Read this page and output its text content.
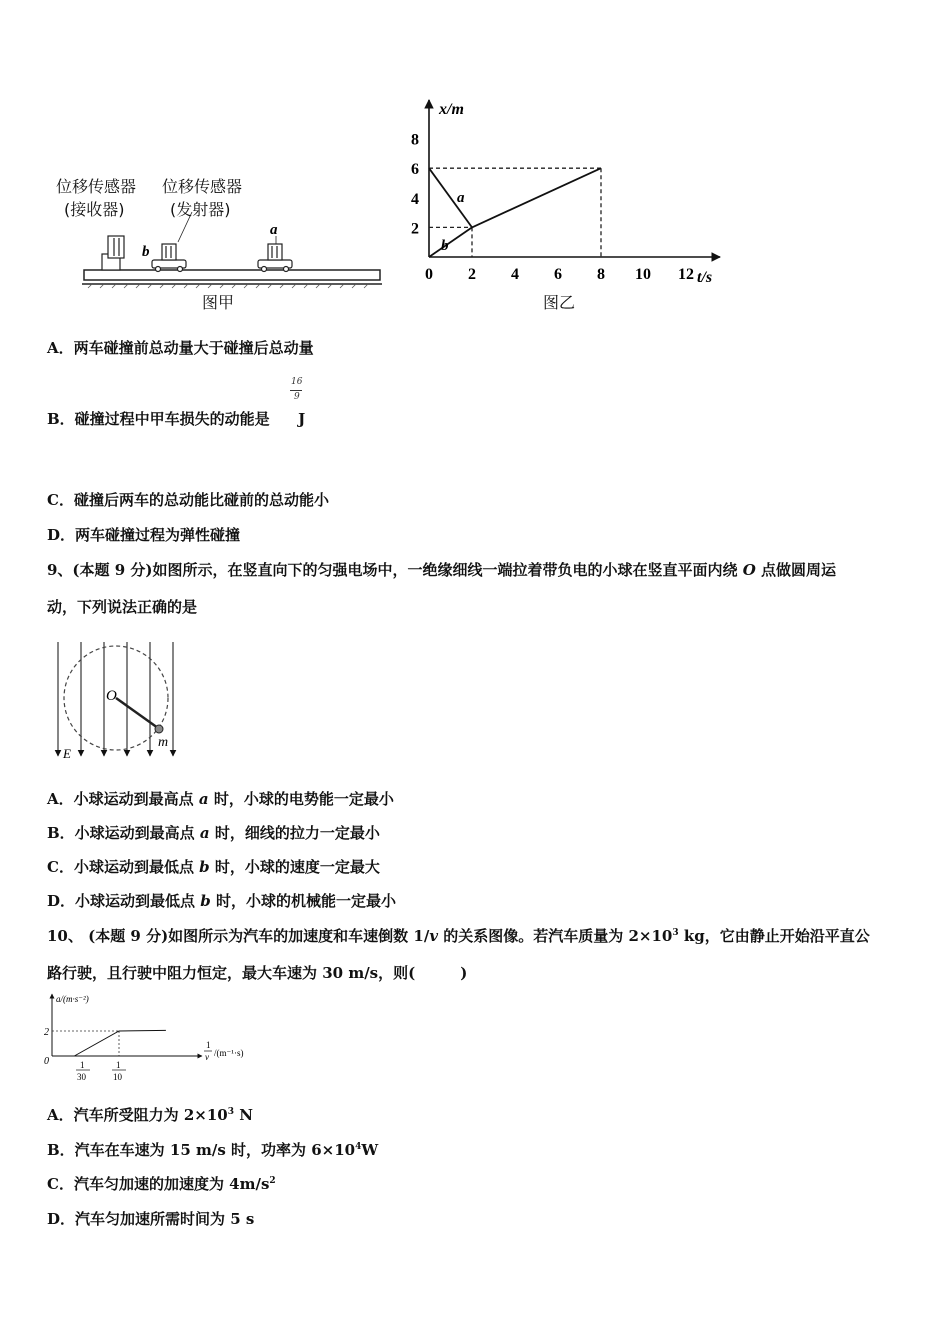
b
a
位移传感器
(接收器)
位移传感器
(发射器)
图甲
0 2 4 6 8 10 12
2
4
6
8
x/m
t/s
a
b
图乙
A．两车碰撞前总动量大于碰撞后总动量
B．碰撞过程中甲车损失的动能是 J
16
9
C．碰撞后两车的总动能比碰前的总动能小
D．两车碰撞过程为弹性碰撞
9、(本题 9 分)如图所示，在竖直向下的匀强电场中，一绝缘细线一端拉着带负电的小球在竖直平面内绕 O 点做圆周运
动，下列说法正确的是
O
m
E
A．小球运动到最高点 a 时，小球的电势能一定最小
B．小球运动到最高点 a 时，细线的拉力一定最小
C．小球运动到最低点 b 时，小球的速度一定最大
D．小球运动到最低点 b 时，小球的机械能一定最小
10、 (本题 9 分)如图所示为汽车的加速度和车速倒数 1/v 的关系图像。若汽车质量为 $2\times 10^3$ kg，它由静止开始沿平直公
路行驶，且行驶中阻力恒定，最大车速为 30 m/s，则(　　　)
a/(m·s⁻²)
2
0	1
30
1
10
1
v /(m⁻¹·s)
A．汽车所受阻力为 $2\times 10^3$ N
B．汽车在车速为 15 m/s 时，功率为 $6\times 10^4W$
C．汽车匀加速的加速度为 $4m/s^2$
D．汽车匀加速所需时间为 5 s
